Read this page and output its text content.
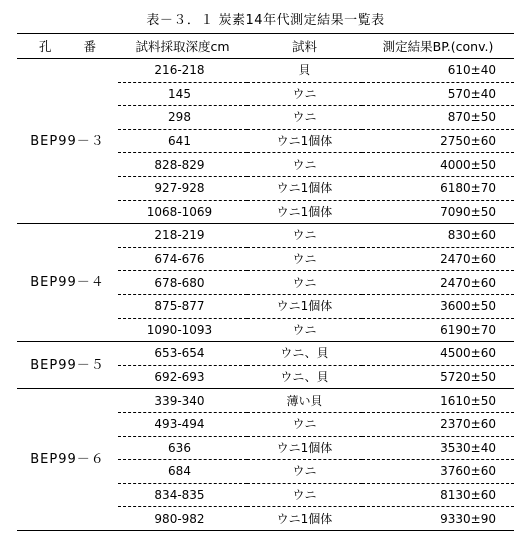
表－３．１ 炭素14年代測定結果一覧表
孔 番	試料採取深度cm	試料	測定結果BP.(conv.)
BEP99－３	216-218	貝	610±40
	145	ウニ	570±40
	298	ウニ	870±50
	641	ウニ1個体	2750±60
	828-829	ウニ	4000±50
	927-928	ウニ1個体	6180±70
	1068-1069	ウニ1個体	7090±50
BEP99－４	218-219	ウニ	830±60
	674-676	ウニ	2470±60
	678-680	ウニ	2470±60
	875-877	ウニ1個体	3600±50
	1090-1093	ウニ	6190±70
BEP99－５	653-654	ウニ、貝	4500±60
	692-693	ウニ、貝	5720±50
BEP99－６	339-340	薄い貝	1610±50
	493-494	ウニ	2370±60
	636	ウニ1個体	3530±40
	684	ウニ	3760±60
	834-835	ウニ	8130±60
	980-982	ウニ1個体	9330±90
